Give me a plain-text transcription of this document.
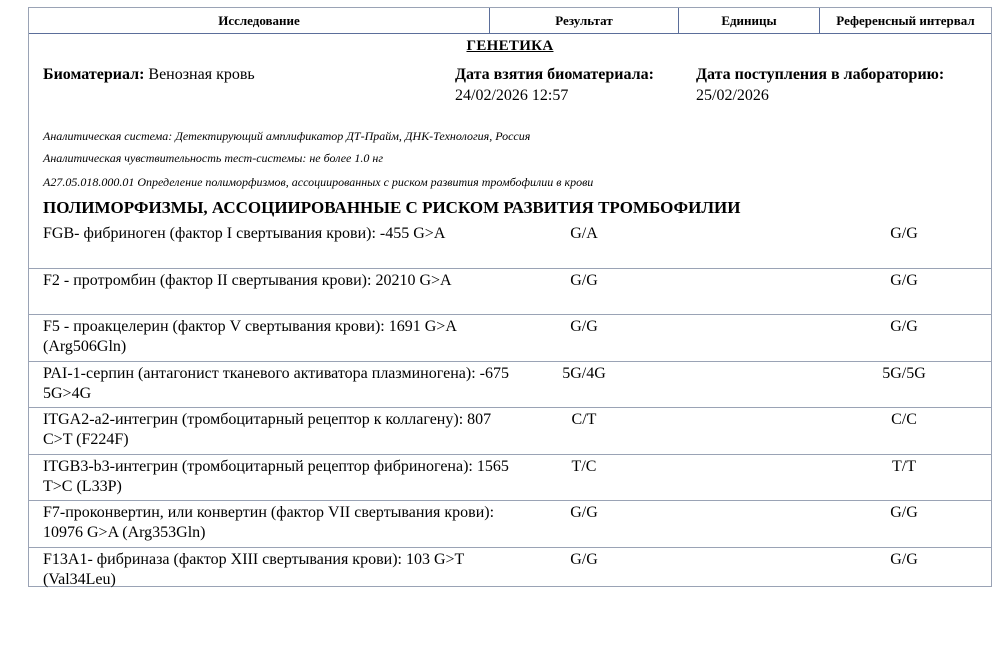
Исследование	Результат	Единицы	Референсный интервал
ГЕНЕТИКА
Биоматериал: Венозная кровь	Дата взятия биоматериала:
24/02/2026 12:57
Дата поступления в лабораторию:
25/02/2026
Аналитическая система: Детектирующий амплификатор ДТ-Прайм, ДНК-Технология, Россия
Аналитическая чувствительность тест-системы: не более 1.0 нг
А27.05.018.000.01 Определение полиморфизмов, ассоциированных с риском развития тромбофилии в крови
ПОЛИМОРФИЗМЫ, АССОЦИИРОВАННЫЕ С РИСКОМ РАЗВИТИЯ ТРОМБОФИЛИИ
FGB- фибриноген (фактор I свертывания крови): -455 G>A	G/A	G/G
F2 - протромбин (фактор II свертывания крови): 20210 G>A	G/G	G/G
F5 - проакцелерин (фактор V свертывания крови): 1691 G>A (Arg506Gln)
G/G	G/G
PAI-1-серпин (антагонист тканевого активатора плазминогена): -675 5G>4G
5G/4G	5G/5G
ITGA2-a2-интегрин (тромбоцитарный рецептор к коллагену): 807 C>T (F224F)
C/T	C/C
ITGB3-b3-интегрин (тромбоцитарный рецептор фибриногена): 1565 T>C (L33P)
T/C	T/T
F7-проконвертин, или конвертин (фактор VII свертывания крови): 10976 G>A (Arg353Gln)
G/G	G/G
F13A1- фибриназа (фактор XIII свертывания крови): 103 G>T (Val34Leu)
G/G	G/G
